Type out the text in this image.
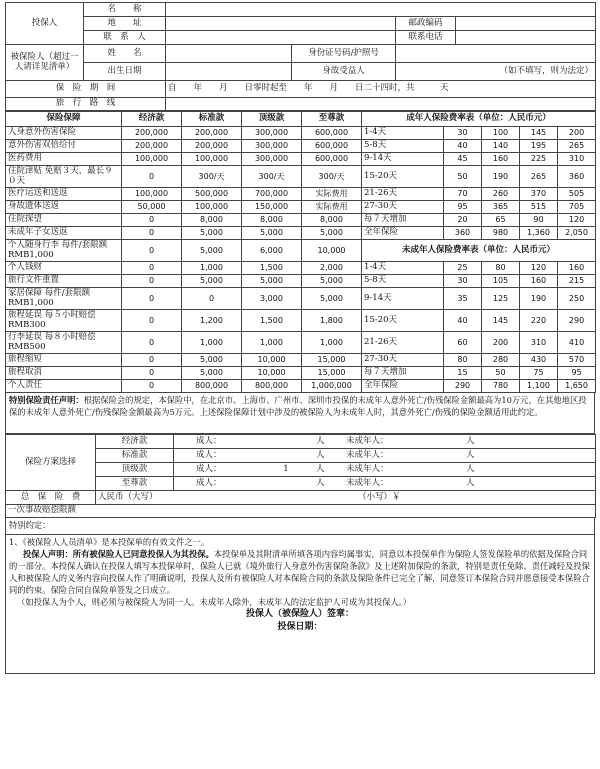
投保人	名　　称				
	地　　址			邮政编码	
	联　系　人			联系电话	
被保险人（超过一人请详见清单）	姓　　名		身份证号码/护照号		
	出生日期		身故受益人	（如不填写，则为法定）	
保　险　期　间		自　　年　　月　　日零时起至　　年　　月　　日二十四时，共　　　天			
旅　行　路　线					
保险保障	经济款	标准款	顶级款	至尊款	成年人保险费率表（单位：人民币元）				
人身意外伤害保险	200,000	200,000	300,000	600,000	1-4天	30	100	145	200
意外伤害双倍给付	200,000	200,000	300,000	600,000	5-8天	40	140	195	265
医药费用	100,000	100,000	300,000	600,000	9-14天	45	160	225	310
住院津贴 免赔３天，最长９０天	0	300/天	300/天	300/天	15-20天	50	190	265	360
医疗运送和送返	100,000	500,000	700,000	实际费用	21-26天	70	260	370	505
身故遗体送返	50,000	100,000	150,000	实际费用	27-30天	95	365	515	705
住院探望	0	8,000	8,000	8,000	每７天增加	20	65	90	120
未成年子女送返	0	5,000	5,000	5,000	全年保险	360	980	1,360	2,050
个人随身行李 每件/套限额RMB1,000	0	5,000	6,000	10,000	未成年人保险费率表（单位：人民币元）				
个人钱财	0	1,000	1,500	2,000	1-4天	25	80	120	160
旅行文件重置	0	5,000	5,000	5,000	5-8天	30	105	160	215
家居保障 每件/套限额RMB1,000	0	0	3,000	5,000	9-14天	35	125	190	250
旅程延误 每５小时赔偿RMB300	0	1,200	1,500	1,800	15-20天	40	145	220	290
行李延误 每８小时赔偿RMB500	0	1,000	1,000	1,000	21-26天	60	200	310	410
旅程缩短	0	5,000	10,000	15,000	27-30天	80	280	430	570
旅程取消	0	5,000	10,000	15,000	每７天增加	15	50	75	95
个人责任	0	800,000	800,000	1,000,000	全年保险	290	780	1,100	1,650
特别保险责任声明：根据保险会的规定，本保险中，在北京市、上海市、广州市、深圳市投保的未成年人意外死亡/伤残保险金额最高为10万元，在其他地区投保的未成年人意外死亡/伤残保险金额最高为5万元。上述保险保障计划中涉及的被保险人为未成年人时，其意外死亡/伤残的保险金额适用此约定。
保险方案选择	经济款	成人： 人 未成年人： 人
	标准款	成人： 人 未成年人： 人
	顶级款	成人： 1 人 未成年人： 人
	至尊款	成人： 人 未成年人： 人
总　保　险　费	人民币（大写） （小写）￥	
一次事故赔偿限额		
特别约定：
1、《被保险人人员清单》是本投保单的有效文件之一。
投保人声明：所有被保险人已同意投保人为其投保。本投保单及其附清单所填各项内容均属事实，同意以本投保单作为保险人签发保险单的依据及保险合同的一部分。本投保人确认在投保人填写本投保单时，保险人已就《境外旅行人身意外伤害保险条款》及上述附加保险的条款，特别是责任免除、责任减轻及投保人和被保险人的义务内容向投保人作了明确说明，投保人及所有被保险人对本保险合同的条款及保险条件已完全了解，同意签订本保险合同并愿意接受本保险合同的约束。保险合同自保险单签发之日成立。
（如投保人为个人，则必须与被保险人为同一人。未成年人除外，未成年人的法定监护人可成为其投保人。）
投保人（被保险人）签章：
投保日期：
